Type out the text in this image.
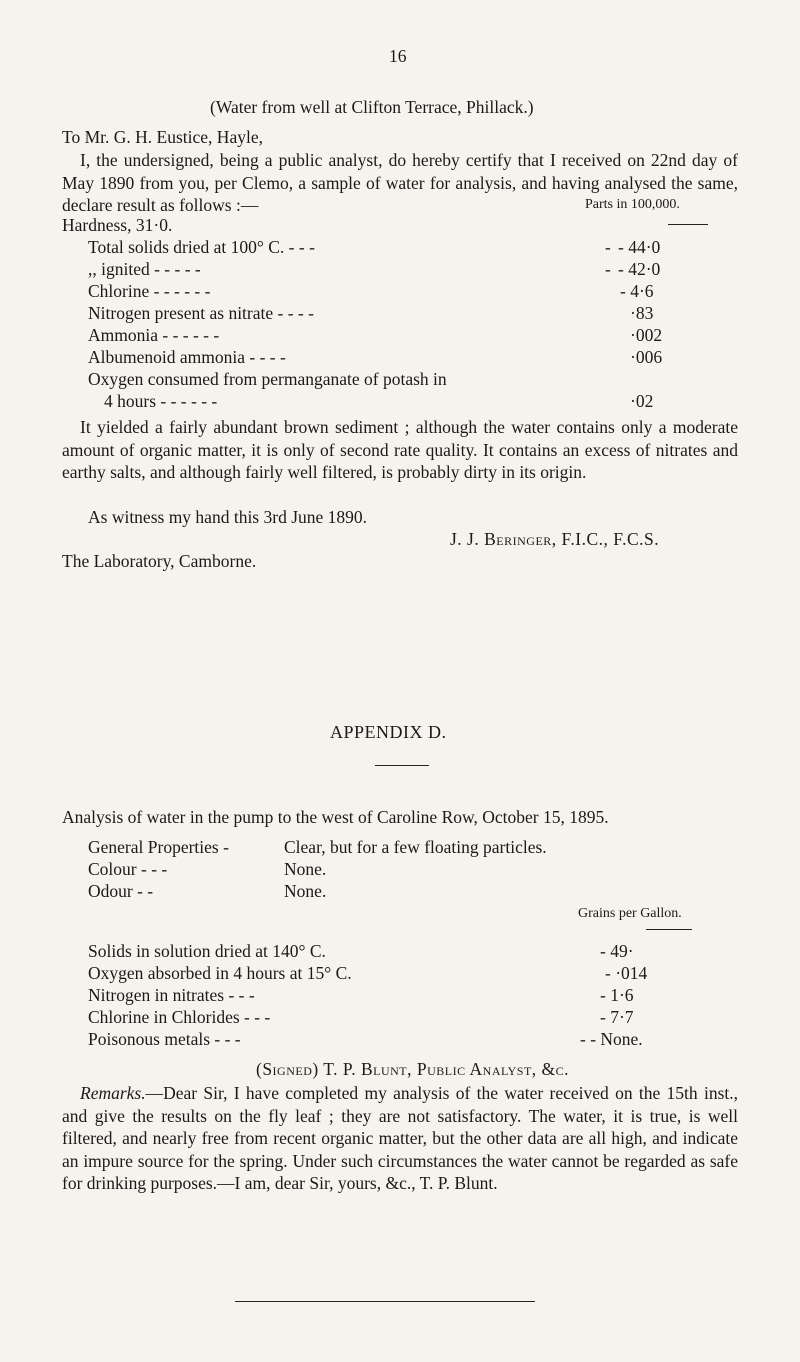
16
(Water from well at Clifton Terrace, Phillack.)
To Mr. G. H. Eustice, Hayle,

I, the undersigned, being a public analyst, do hereby certify that I received on 22nd day of May 1890 from you, per Clemo, a sample of water for analysis, and having analysed the same, declare result as follows :—	Parts in 100,000.
Hardness, 31·0.
Total solids dried at 100° C. - - -	- - 44·0
,, ignited - - - - -	- - 42·0
Chlorine - - - - - -	- 4·6
Nitrogen present as nitrate - - - -	·83
Ammonia - - - - - -	·002
Albumenoid ammonia - - - -	·006
Oxygen consumed from permanganate of potash in
4 hours - - - - - -	·02

It yielded a fairly abundant brown sediment ; although the water contains only a moderate amount of organic matter, it is only of second rate quality. It contains an excess of nitrates and earthy salts, and although fairly well filtered, is probably dirty in its origin.

As witness my hand this 3rd June 1890.
J. J. Beringer, F.I.C., F.C.S.
The Laboratory, Camborne.
APPENDIX D.
Analysis of water in the pump to the west of Caroline Row, October 15, 1895.
General Properties -	Clear, but for a few floating particles.
Colour - - -	None.
Odour - -	None.
Grains per Gallon.
Solids in solution dried at 140° C.	- 49·
Oxygen absorbed in 4 hours at 15° C.	- ·014
Nitrogen in nitrates - - -	- 1·6
Chlorine in Chlorides - - -	- 7·7
Poisonous metals - - -	- - None.
(Signed) T. P. Blunt, Public Analyst, &c.

Remarks.—Dear Sir, I have completed my analysis of the water received on the 15th inst., and give the results on the fly leaf ; they are not satisfactory. The water, it is true, is well filtered, and nearly free from recent organic matter, but the other data are all high, and indicate an impure source for the spring. Under such circumstances the water cannot be regarded as safe for drinking purposes.—I am, dear Sir, yours, &c., T. P. Blunt.
